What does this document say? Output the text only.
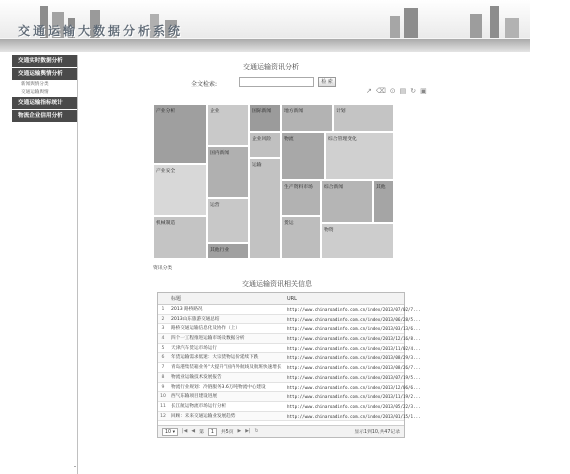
交通运输大数据分析系统
交通实时数据分析
交通运输舆情分析
新闻舆情分类
交通运输舆情
交通运输指标统计
物流企业信用分析
交通运输资讯分析
全文检索:	检 索
↗ ⌫ ⊙ ▤ ↻ ▣
产业分析	企业	国际新闻	地方新闻	计划
企业风险
国内新闻
运输
综合管理变化
产业安全
物流
生产资料市场 综合新闻	其他
机械制造
运营
其他行业
货运
物资
资讯分类
交通运输资讯相关信息
标题	URL
1	2013 路桥路况	http://www.chinaroadinfo.com.cn/index/2013/07/02/7...
2	2013山东旅游交通总结	http://www.chinaroadinfo.com.cn/index/2013/06/28/5...
3	路桥交通运输信息化及协作（上）	http://www.chinaroadinfo.com.cn/index/2013/03/13/6...
4	四个一工程推进运输市场及数据分析	http://www.chinaroadinfo.com.cn/index/2013/12/16/8...
5	天津汽车货运市场运行	http://www.chinaroadinfo.com.cn/index/2013/11/02/4...
6	年货运输需求低迷：大宗货物运价延续下跌	http://www.chinaroadinfo.com.cn/index/2013/08/29/3...
7	青岛港集装箱业务“大提升”国内外航线及航班快速增长	http://www.chinaroadinfo.com.cn/index/2013/08/26/7...
8	物流业运输技术发展报告	http://www.chinaroadinfo.com.cn/index/2013/07/19/5...
9	物流行业规划：冷链服务3.6万吨物流中心建设	http://www.chinaroadinfo.com.cn/index/2013/12/06/6...
10	西气东输项目建设进展	http://www.chinaroadinfo.com.cn/index/2013/11/19/2...
11	长江航运物流市场运行分析	http://www.chinaroadinfo.com.cn/index/2013/05/22/3...
12	回顾：未来交通运输业发展趋势	http://www.chinaroadinfo.com.cn/index/2013/01/15/1...
10 ▾	|◀ ◀ 第	1	共5页 ▶ ▶| ↻	显示1到10,共47记录
